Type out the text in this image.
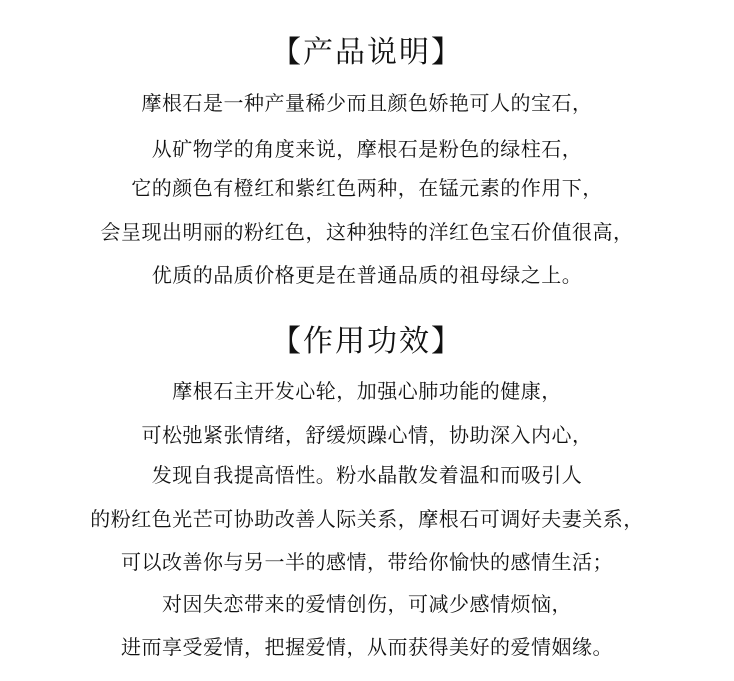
【产品说明】
摩根石是一种产量稀少而且颜色娇艳可人的宝石，
从矿物学的角度来说，摩根石是粉色的绿柱石，
它的颜色有橙红和紫红色两种，在锰元素的作用下，
会呈现出明丽的粉红色，这种独特的洋红色宝石价值很高，
优质的品质价格更是在普通品质的祖母绿之上。
【作用功效】
摩根石主开发心轮，加强心肺功能的健康，
可松弛紧张情绪，舒缓烦躁心情，协助深入内心，
发现自我提高悟性。粉水晶散发着温和而吸引人
的粉红色光芒可协助改善人际关系，摩根石可调好夫妻关系，
可以改善你与另一半的感情，带给你愉快的感情生活；
对因失恋带来的爱情创伤，可减少感情烦恼，
进而享受爱情，把握爱情，从而获得美好的爱情姻缘。
